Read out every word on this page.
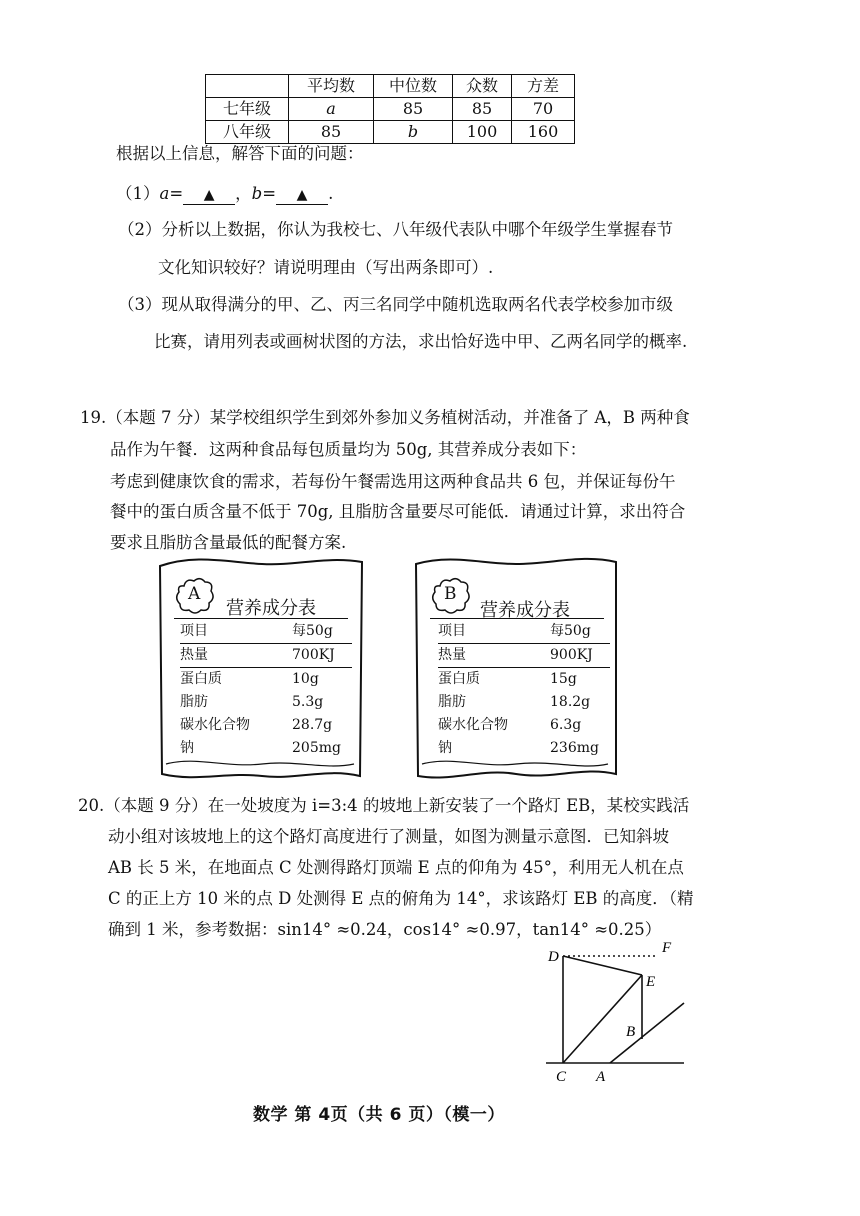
	平均数	中位数	众数	方差
七年级	a	85	85	70
八年级	85	b	100	160
根据以上信息，解答下面的问题：
（1）a= ▲ ，b= ▲ .
（2）分析以上数据，你认为我校七、八年级代表队中哪个年级学生掌握春节
文化知识较好？请说明理由（写出两条即可）.
（3）现从取得满分的甲、乙、丙三名同学中随机选取两名代表学校参加市级
比赛，请用列表或画树状图的方法，求出恰好选中甲、乙两名同学的概率.
19.（本题 7 分）某学校组织学生到郊外参加义务植树活动，并准备了 A，B 两种食
品作为午餐．这两种食品每包质量均为 50g, 其营养成分表如下：
考虑到健康饮食的需求，若每份午餐需选用这两种食品共 6 包，并保证每份午
餐中的蛋白质含量不低于 70g, 且脂肪含量要尽可能低．请通过计算，求出符合
要求且脂肪含量最低的配餐方案.
A
营养成分表
项目	每50g
热量	700KJ
蛋白质	10g
脂肪	5.3g
碳水化合物	28.7g
钠	205mg
B
营养成分表
项目	每50g
热量	900KJ
蛋白质	15g
脂肪	18.2g
碳水化合物	6.3g
钠	236mg
20.（本题 9 分）在一处坡度为 i=3:4 的坡地上新安装了一个路灯 EB，某校实践活
动小组对该坡地上的这个路灯高度进行了测量，如图为测量示意图．已知斜坡
AB 长 5 米，在地面点 C 处测得路灯顶端 E 点的仰角为 45°，利用无人机在点
C 的正上方 10 米的点 D 处测得 E 点的俯角为 14°，求该路灯 EB 的高度．（精
确到 1 米，参考数据：sin14° ≈0.24，cos14° ≈0.97，tan14° ≈0.25）
D
F
E
B
C A
数学 第 4页（共 6 页）（模一）
